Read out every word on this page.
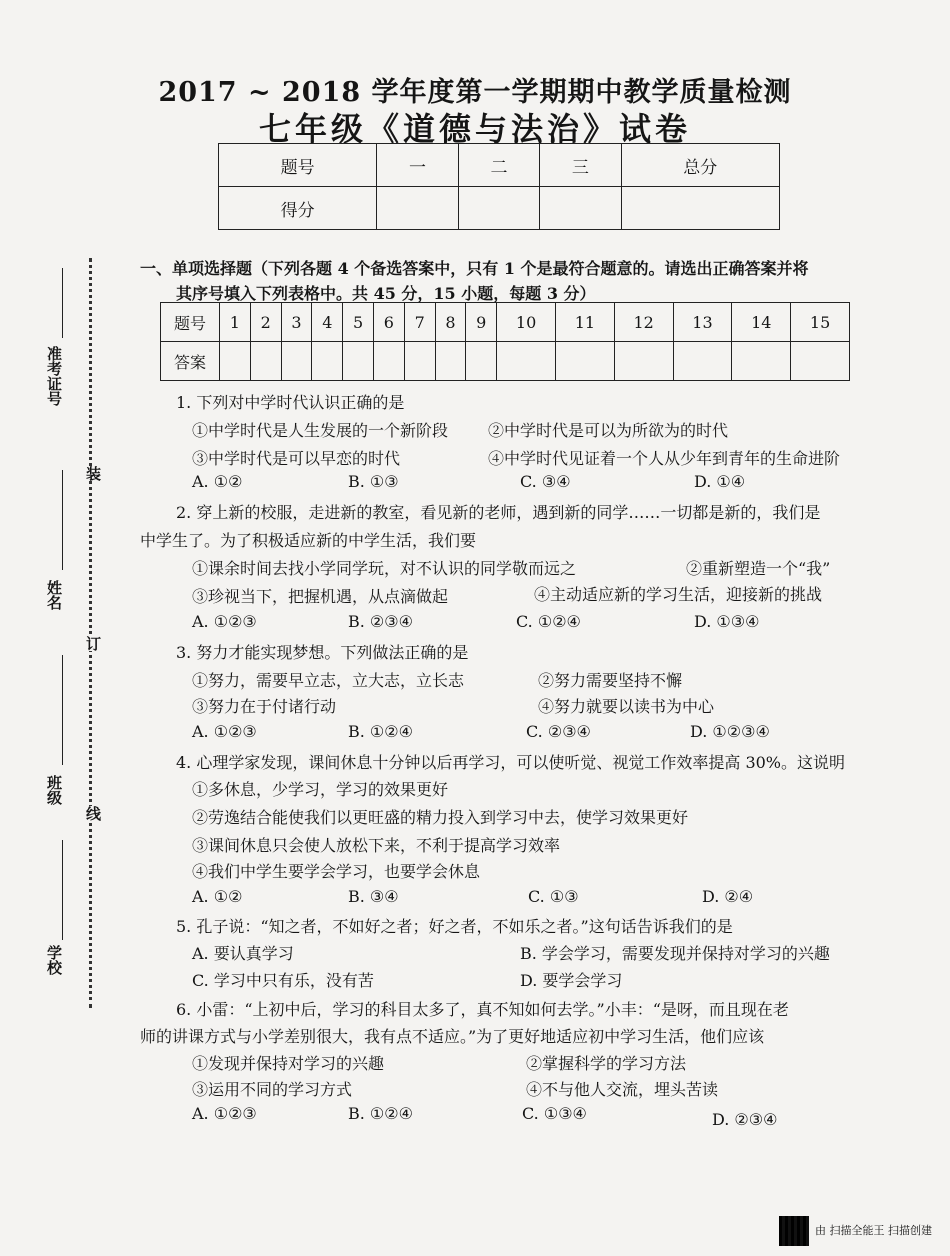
2017 ~ 2018 学年度第一学期期中教学质量检测
七年级《道德与法治》试卷
题号	一	二	三	总分
得分				
准考证号
姓名
班级
学校
装
订
线
一、单项选择题（下列各题 4 个备选答案中，只有 1 个是最符合题意的。请选出正确答案并将
其序号填入下列表格中。共 45 分，15 小题，每题 3 分）
题号	1	2	3	4	5	6	7	8	9	10	11	12	13	14	15
答案															
1. 下列对中学时代认识正确的是
①中学时代是人生发展的一个新阶段 ②中学时代是可以为所欲为的时代
③中学时代是可以早恋的时代	④中学时代见证着一个人从少年到青年的生命进阶
A. ①②	B. ①③	C. ③④	D. ①④
2. 穿上新的校服，走进新的教室，看见新的老师，遇到新的同学……一切都是新的，我们是
中学生了。为了积极适应新的中学生活，我们要
①课余时间去找小学同学玩，对不认识的同学敬而远之	②重新塑造一个“我”
③珍视当下，把握机遇，从点滴做起	④主动适应新的学习生活，迎接新的挑战
A. ①②③	B. ②③④	C. ①②④	D. ①③④
3. 努力才能实现梦想。下列做法正确的是
①努力，需要早立志，立大志，立长志	②努力需要坚持不懈
③努力在于付诸行动	④努力就要以读书为中心
A. ①②③	B. ①②④	C. ②③④	D. ①②③④
4. 心理学家发现，课间休息十分钟以后再学习，可以使听觉、视觉工作效率提高 30%。这说明
①多休息，少学习，学习的效果更好
②劳逸结合能使我们以更旺盛的精力投入到学习中去，使学习效果更好
③课间休息只会使人放松下来，不利于提高学习效率
④我们中学生要学会学习，也要学会休息
A. ①②	B. ③④	C. ①③	D. ②④
5. 孔子说：“知之者，不如好之者；好之者，不如乐之者。”这句话告诉我们的是
A. 要认真学习	B. 学会学习，需要发现并保持对学习的兴趣
C. 学习中只有乐，没有苦	D. 要学会学习
6. 小雷：“上初中后，学习的科目太多了，真不知如何去学。”小丰：“是呀，而且现在老
师的讲课方式与小学差别很大，我有点不适应。”为了更好地适应初中学习生活，他们应该
①发现并保持对学习的兴趣	②掌握科学的学习方法
③运用不同的学习方式	④不与他人交流，埋头苦读
A. ①②③	B. ①②④	C. ①③④	D. ②③④
由 扫描全能王 扫描创建
